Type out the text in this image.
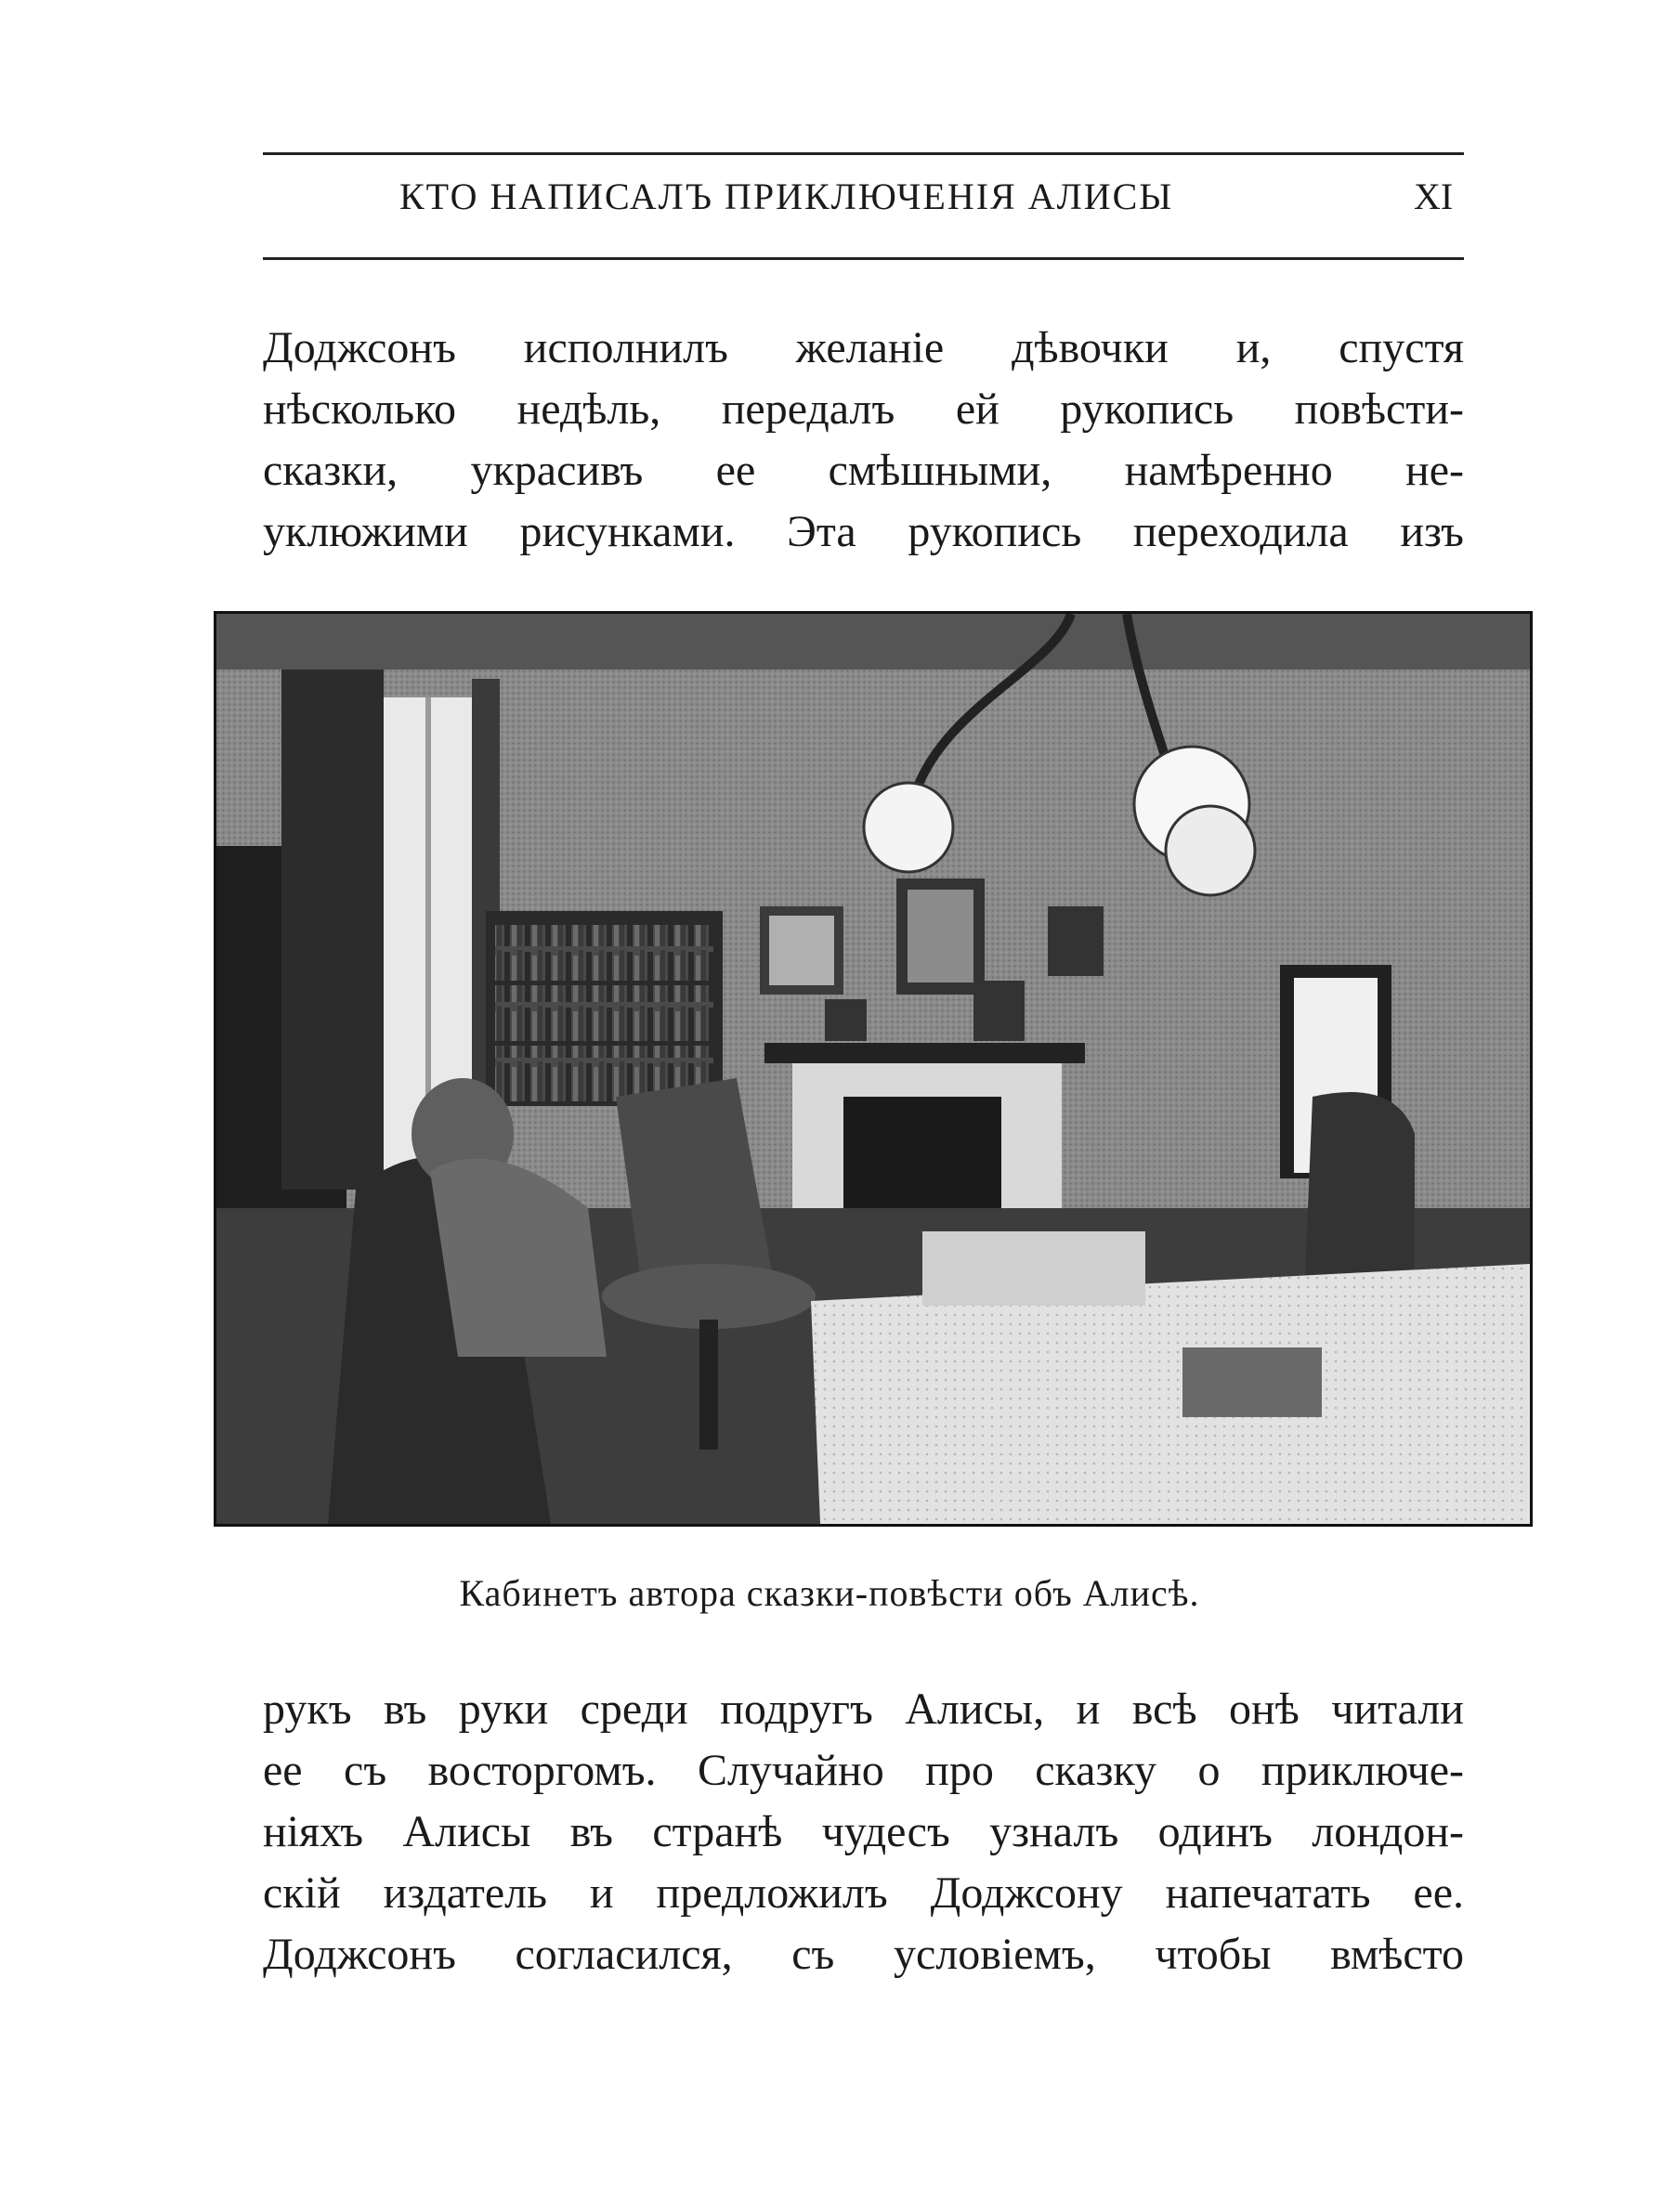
КТО НАПИСАЛЪ ПРИКЛЮЧЕНІЯ АЛИСЫ	XI
Доджсонъ исполнилъ желаніе дѣвочки и, спустя
нѣсколько недѣль, передалъ ей рукопись повѣсти-
сказки, украсивъ ее смѣшными, намѣренно не-
уклюжими рисунками. Эта рукопись переходила изъ
Кабинетъ автора сказки-повѣсти объ Алисѣ.
рукъ въ руки среди подругъ Алисы, и всѣ онѣ читали
ее съ восторгомъ. Случайно про сказку о приключе-
ніяхъ Алисы въ странѣ чудесъ узналъ одинъ лондон-
скій издатель и предложилъ Доджсону напечатать ее.
Доджсонъ согласился, съ условіемъ, чтобы вмѣсто
